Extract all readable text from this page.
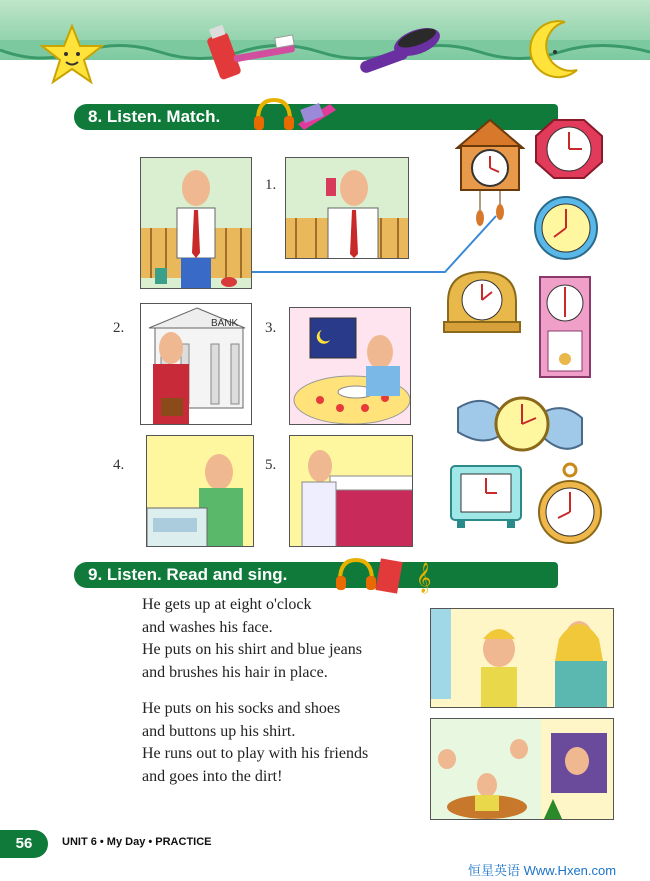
8. Listen. Match.
1.
2.	BANK 3.
4.	5.
9. Listen. Read and sing.	𝄞
He gets up at eight o'clock
and washes his face.
He puts on his shirt and blue jeans
and brushes his hair in place.
He puts on his socks and shoes
and buttons up his shirt.
He runs out to play with his friends
and goes into the dirt!
56	UNIT 6 • My Day • PRACTICE
恒星英语 Www.Hxen.com
